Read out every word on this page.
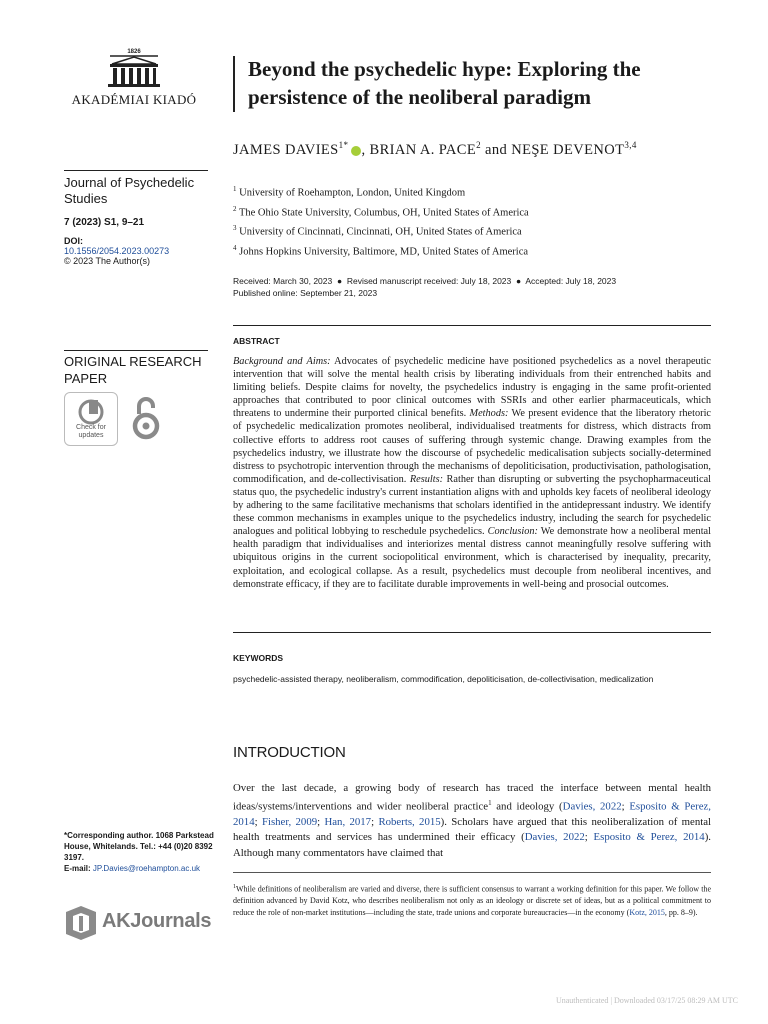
1826
AKADÉMIAI KIADÓ
Journal of Psychedelic Studies
7 (2023) S1, 9–21
DOI:
10.1556/2054.2023.00273
© 2023 The Author(s)
ORIGINAL RESEARCH PAPER
Check for updates
*Corresponding author. 1068 Parkstead House, Whitelands. Tel.: +44 (0)20 8392 3197.
E-mail: JP.Davies@roehampton.ac.uk
AKJournals
Beyond the psychedelic hype: Exploring the persistence of the neoliberal paradigm
JAMES $DAVIES^{1*}$ , BRIAN A. PACE$^2$ and NEŞE DEVENOT$^{3,4}$
$^1$ University of Roehampton, London, United Kingdom
$^2$ The Ohio State University, Columbus, OH, United States of America
$^3$ University of Cincinnati, Cincinnati, OH, United States of America
$^4$ Johns Hopkins University, Baltimore, MD, United States of America
Received: March 30, 2023  ●  Revised manuscript received: July 18, 2023  ●  Accepted: July 18, 2023
Published online: September 21, 2023
ABSTRACT
Background and Aims: Advocates of psychedelic medicine have positioned psychedelics as a novel therapeutic intervention that will solve the mental health crisis by liberating individuals from their entrenched habits and limiting beliefs. Despite claims for novelty, the psychedelics industry is engaging in the same profit-oriented approaches that contributed to poor clinical outcomes with SSRIs and other earlier pharmaceuticals, which threatens to undermine their purported clinical benefits. Methods: We present evidence that the liberatory rhetoric of psychedelic medicalization promotes neoliberal, individualised treatments for distress, which distracts from collective efforts to address root causes of suffering through systemic change. Drawing examples from the psychedelics industry, we illustrate how the discourse of psychedelic medicalisation subjects socially-determined distress to psychotropic intervention through the mechanisms of depoliticisation, productivisation, pathologisation, commodification, and de-collectivisation. Results: Rather than disrupting or subverting the psychopharmaceutical status quo, the psychedelic industry's current instantiation aligns with and upholds key facets of neoliberal ideology by adhering to the same facilitative mechanisms that scholars identified in the antidepressant industry. We identify these common mechanisms in examples unique to the psychedelics industry, including the search for psychedelic analogues and political lobbying to reschedule psychedelics. Conclusion: We demonstrate how a neoliberal mental health paradigm that individualises and interiorizes mental distress cannot meaningfully resolve suffering with ubiquitous origins in the current sociopolitical environment, which is characterised by inequality, precarity, exploitation, and ecological collapse. As a result, psychedelics must decouple from neoliberal incentives, and demonstrate efficacy, if they are to facilitate durable improvements in well-being and prosocial outcomes.
KEYWORDS
psychedelic-assisted therapy, neoliberalism, commodification, depoliticisation, de-collectivisation, medicalization
INTRODUCTION
Over the last decade, a growing body of research has traced the interface between mental health ideas/systems/interventions and wider neoliberal practice$^1$ and ideology (Davies, 2022; Esposito & Perez, 2014; Fisher, 2009; Han, 2017; Roberts, 2015). Scholars have argued that this neoliberalization of mental health treatments and services has undermined their efficacy (Davies, 2022; Esposito & Perez, 2014). Although many commentators have claimed that
$^1$While definitions of neoliberalism are varied and diverse, there is sufficient consensus to warrant a working definition for this paper. We follow the definition advanced by David Kotz, who describes neoliberalism not only as an ideology or discrete set of ideas, but as a political commitment to reduce the role of non-market institutions—including the state, trade unions and corporate bureaucracies—in the economy (Kotz, 2015, pp. 8–9).
Unauthenticated | Downloaded 03/17/25 08:29 AM UTC
